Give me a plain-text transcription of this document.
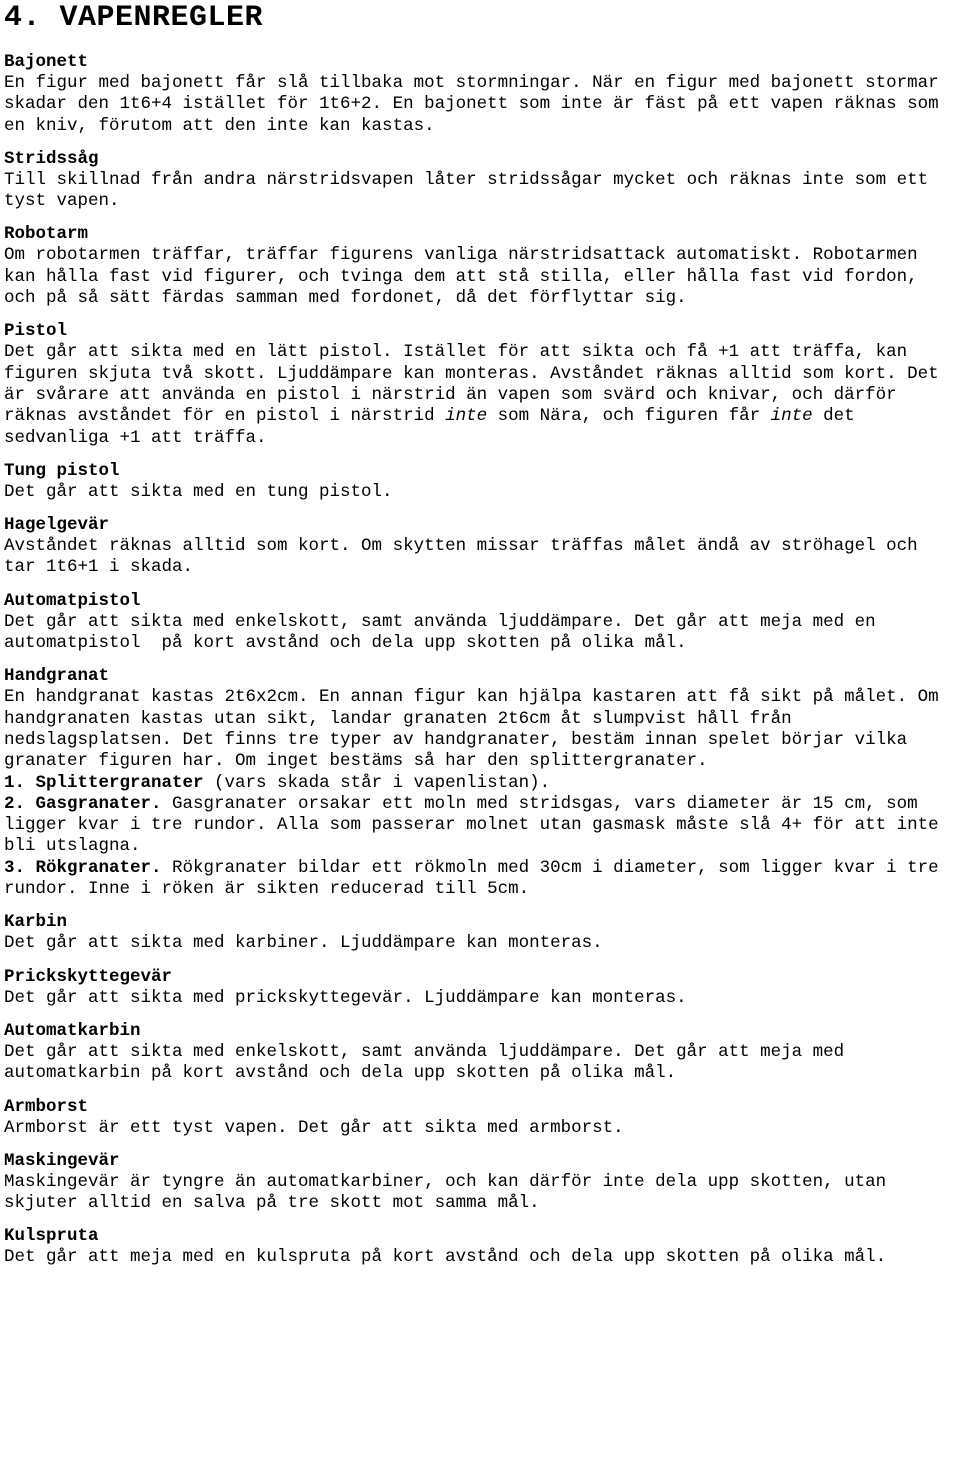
4. VAPENREGLER

Bajonett

En figur med bajonett får slå tillbaka mot stormningar. När en figur med bajonett stormar skadar den 1t6+4 istället för 1t6+2. En bajonett som inte är fäst på ett vapen räknas som en kniv, förutom att den inte kan kastas.

Stridssåg

Till skillnad från andra närstridsvapen låter stridssågar mycket och räknas inte som ett tyst vapen.

Robotarm

Om robotarmen träffar, träffar figurens vanliga närstridsattack automatiskt. Robotarmen kan hålla fast vid figurer, och tvinga dem att stå stilla, eller hålla fast vid fordon, och på så sätt färdas samman med fordonet, då det förflyttar sig.

Pistol

Det går att sikta med en lätt pistol. Istället för att sikta och få +1 att träffa, kan figuren skjuta två skott. Ljuddämpare kan monteras. Avståndet räknas alltid som kort. Det är svårare att använda en pistol i närstrid än vapen som svärd och knivar, och därför räknas avståndet för en pistol i närstrid inte som Nära, och figuren får inte det sedvanliga +1 att träffa.

Tung pistol

Det går att sikta med en tung pistol.

Hagelgevär

Avståndet räknas alltid som kort. Om skytten missar träffas målet ändå av ströhagel och tar 1t6+1 i skada.

Automatpistol

Det går att sikta med enkelskott, samt använda ljuddämpare. Det går att meja med en automatpistol  på kort avstånd och dela upp skotten på olika mål.

Handgranat

En handgranat kastas 2t6x2cm. En annan figur kan hjälpa kastaren att få sikt på målet. Om handgranaten kastas utan sikt, landar granaten 2t6cm åt slumpvist håll från nedslagsplatsen. Det finns tre typer av handgranater, bestäm innan spelet börjar vilka granater figuren har. Om inget bestäms så har den splittergranater.

1. Splittergranater (vars skada står i vapenlistan).

2. Gasgranater. Gasgranater orsakar ett moln med stridsgas, vars diameter är 15 cm, som ligger kvar i tre rundor. Alla som passerar molnet utan gasmask måste slå 4+ för att inte bli utslagna.

3. Rökgranater. Rökgranater bildar ett rökmoln med 30cm i diameter, som ligger kvar i tre rundor. Inne i röken är sikten reducerad till 5cm.

Karbin

Det går att sikta med karbiner. Ljuddämpare kan monteras.

Prickskyttegevär

Det går att sikta med prickskyttegevär. Ljuddämpare kan monteras.

Automatkarbin

Det går att sikta med enkelskott, samt använda ljuddämpare. Det går att meja med automatkarbin på kort avstånd och dela upp skotten på olika mål.

Armborst

Armborst är ett tyst vapen. Det går att sikta med armborst.

Maskingevär

Maskingevär är tyngre än automatkarbiner, och kan därför inte dela upp skotten, utan skjuter alltid en salva på tre skott mot samma mål.

Kulspruta

Det går att meja med en kulspruta på kort avstånd och dela upp skotten på olika mål.
